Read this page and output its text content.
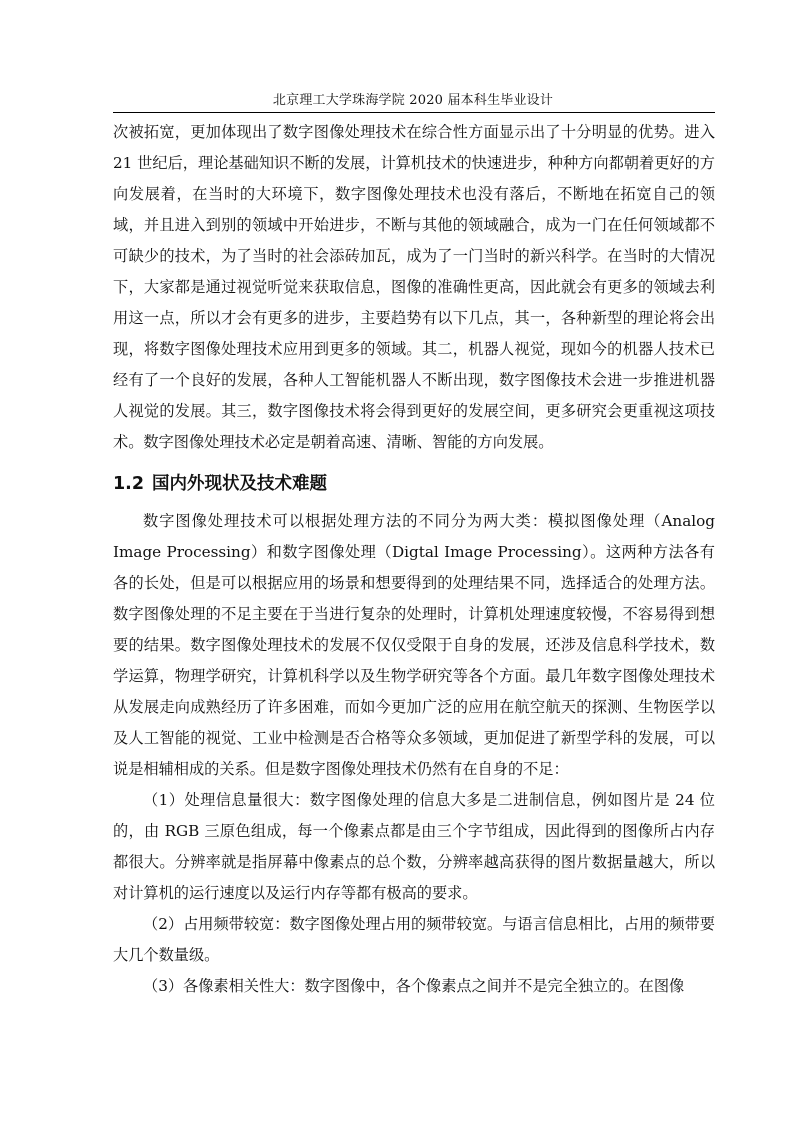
北京理工大学珠海学院 2020 届本科生毕业设计

次被拓宽，更加体现出了数字图像处理技术在综合性方面显示出了十分明显的优势。进入 21 世纪后，理论基础知识不断的发展，计算机技术的快速进步，种种方向都朝着更好的方向发展着，在当时的大环境下，数字图像处理技术也没有落后，不断地在拓宽自己的领域，并且进入到别的领域中开始进步，不断与其他的领域融合，成为一门在任何领域都不可缺少的技术，为了当时的社会添砖加瓦，成为了一门当时的新兴科学。在当时的大情况下，大家都是通过视觉听觉来获取信息，图像的准确性更高，因此就会有更多的领域去利用这一点，所以才会有更多的进步，主要趋势有以下几点，其一，各种新型的理论将会出现，将数字图像处理技术应用到更多的领域。其二，机器人视觉，现如今的机器人技术已经有了一个良好的发展，各种人工智能机器人不断出现，数字图像技术会进一步推进机器人视觉的发展。其三，数字图像技术将会得到更好的发展空间，更多研究会更重视这项技术。数字图像处理技术必定是朝着高速、清晰、智能的方向发展。

1.2 国内外现状及技术难题

数字图像处理技术可以根据处理方法的不同分为两大类：模拟图像处理（Analog Image Processing）和数字图像处理（Digtal Image Processing）。这两种方法各有各的长处，但是可以根据应用的场景和想要得到的处理结果不同，选择适合的处理方法。数字图像处理的不足主要在于当进行复杂的处理时，计算机处理速度较慢，不容易得到想要的结果。数字图像处理技术的发展不仅仅受限于自身的发展，还涉及信息科学技术，数学运算，物理学研究，计算机科学以及生物学研究等各个方面。最几年数字图像处理技术从发展走向成熟经历了许多困难，而如今更加广泛的应用在航空航天的探测、生物医学以及人工智能的视觉、工业中检测是否合格等众多领域，更加促进了新型学科的发展，可以说是相辅相成的关系。但是数字图像处理技术仍然有在自身的不足：

（1）处理信息量很大：数字图像处理的信息大多是二进制信息，例如图片是 24 位的，由 RGB 三原色组成，每一个像素点都是由三个字节组成，因此得到的图像所占内存都很大。分辨率就是指屏幕中像素点的总个数，分辨率越高获得的图片数据量越大，所以对计算机的运行速度以及运行内存等都有极高的要求。

（2）占用频带较宽：数字图像处理占用的频带较宽。与语言信息相比，占用的频带要大几个数量级。

（3）各像素相关性大：数字图像中，各个像素点之间并不是完全独立的。在图像
